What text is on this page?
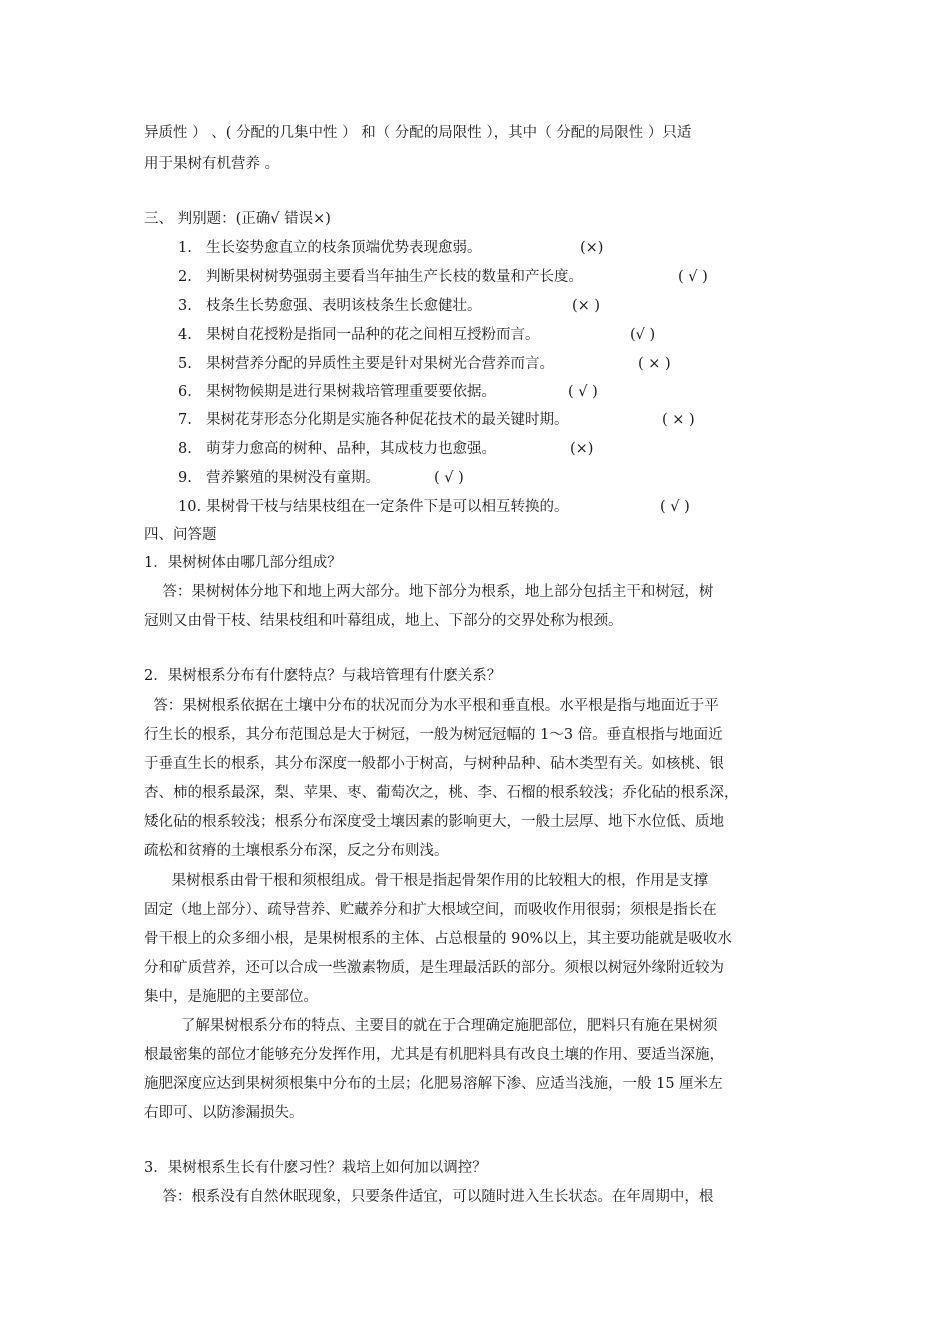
异质性 ） 、( 分配的几集中性 ） 和（ 分配的局限性 ），其中（ 分配的局限性 ）只适
用于果树有机营养 。
三、 判别题：(正确√ 错误×)
1. 生长姿势愈直立的枝条顶端优势表现愈弱。	(×)
2. 判断果树树势强弱主要看当年抽生产长枝的数量和产长度。	( √ )
3. 枝条生长势愈强、表明该枝条生长愈健壮。	(× )
4. 果树自花授粉是指同一品种的花之间相互授粉而言。	(√ )
5. 果树营养分配的异质性主要是针对果树光合营养而言。	( × )
6. 果树物候期是进行果树栽培管理重要要依据。	( √ )
7. 果树花芽形态分化期是实施各种促花技术的最关键时期。	( × )
8. 萌芽力愈高的树种、品种，其成枝力也愈强。	(×)
9. 营养繁殖的果树没有童期。	( √ )
10. 果树骨干枝与结果枝组在一定条件下是可以相互转换的。	( √ )
四、问答题
1．果树树体由哪几部分组成？
答：果树树体分地下和地上两大部分。地下部分为根系，地上部分包括主干和树冠，树
冠则又由骨干枝、结果枝组和叶幕组成，地上、下部分的交界处称为根颈。
2．果树根系分布有什麽特点？与栽培管理有什麽关系？
答：果树根系依据在土壤中分布的状况而分为水平根和垂直根。水平根是指与地面近于平
行生长的根系，其分布范围总是大于树冠，一般为树冠冠幅的 1～3 倍。垂直根指与地面近
于垂直生长的根系，其分布深度一般都小于树高，与树种品种、砧木类型有关。如核桃、银
杏、柿的根系最深，梨、苹果、枣、葡萄次之，桃、李、石榴的根系较浅；乔化砧的根系深，
矮化砧的根系较浅；根系分布深度受土壤因素的影响更大，一般土层厚、地下水位低、质地
疏松和贫瘠的土壤根系分布深，反之分布则浅。
果树根系由骨干根和须根组成。骨干根是指起骨架作用的比较粗大的根，作用是支撑
固定（地上部分）、疏导营养、贮藏养分和扩大根域空间，而吸收作用很弱；须根是指长在
骨干根上的众多细小根，是果树根系的主体、占总根量的 90%以上，其主要功能就是吸收水
分和矿质营养，还可以合成一些激素物质，是生理最活跃的部分。须根以树冠外缘附近较为
集中，是施肥的主要部位。
了解果树根系分布的特点、主要目的就在于合理确定施肥部位，肥料只有施在果树须
根最密集的部位才能够充分发挥作用，尤其是有机肥料具有改良土壤的作用、要适当深施，
施肥深度应达到果树须根集中分布的土层；化肥易溶解下渗、应适当浅施，一般 15 厘米左
右即可、以防渗漏损失。
3．果树根系生长有什麽习性？栽培上如何加以调控？
答：根系没有自然休眠现象，只要条件适宜，可以随时进入生长状态。在年周期中，根
